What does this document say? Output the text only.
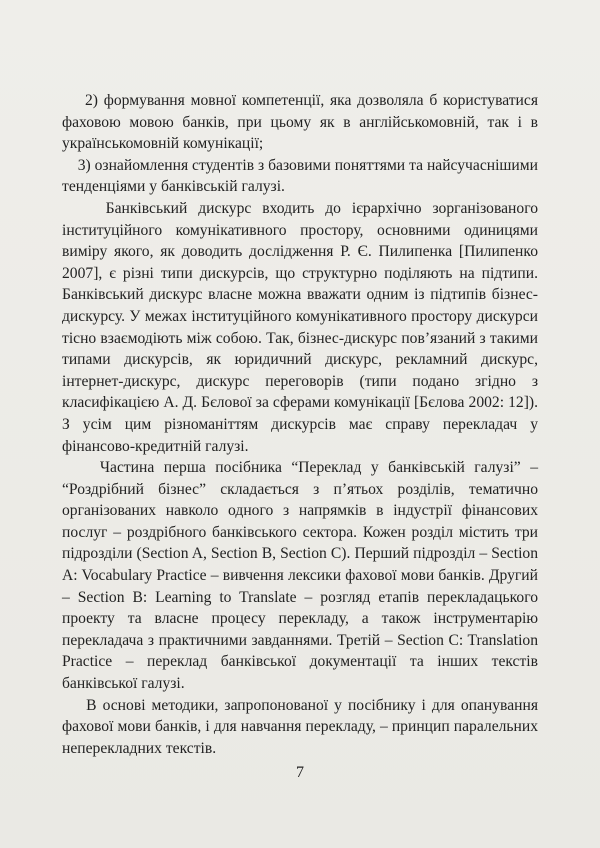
2) формування мовної компетенції, яка дозволяла б користуватися фаховою мовою банків, при цьому як в англійськомовній, так і в українськомовній комунікації;

3) ознайомлення студентів з базовими поняттями та найсучаснішими тенденціями у банківській галузі.

Банківський дискурс входить до ієрархічно зорганізованого інституційного комунікативного простору, основними одиницями виміру якого, як доводить дослідження Р. Є. Пилипенка [Пилипенко 2007], є різні типи дискурсів, що структурно поділяють на підтипи. Банківський дискурс власне можна вважати одним із підтипів бізнес-дискурсу. У межах інституційного комунікативного простору дискурси тісно взаємодіють між собою. Так, бізнес-дискурс пов’язаний з такими типами дискурсів, як юридичний дискурс, рекламний дискурс, інтернет-дискурс, дискурс переговорів (типи подано згідно з класифікацією А. Д. Бєлової за сферами комунікації [Бєлова 2002: 12]). З усім цим різноманіттям дискурсів має справу перекладач у фінансово-кредитній галузі.

Частина перша посібника “Переклад у банківській галузі” – “Роздрібний бізнес” складається з п’ятьох розділів, тематично організованих навколо одного з напрямків в індустрії фінансових послуг – роздрібного банківського сектора. Кожен розділ містить три підрозділи (Section A, Section B, Section C). Перший підрозділ – Section A: Vocabulary Practice – вивчення лексики фахової мови банків. Другий – Section B: Learning to Translate – розгляд етапів перекладацького проекту та власне процесу перекладу, а також інструментарію перекладача з практичними завданнями. Третій – Section C: Translation Practice – переклад банківської документації та інших текстів банківської галузі.

В основі методики, запропонованої у посібнику і для опанування фахової мови банків, і для навчання перекладу, – принцип паралельних неперекладних текстів.

7
